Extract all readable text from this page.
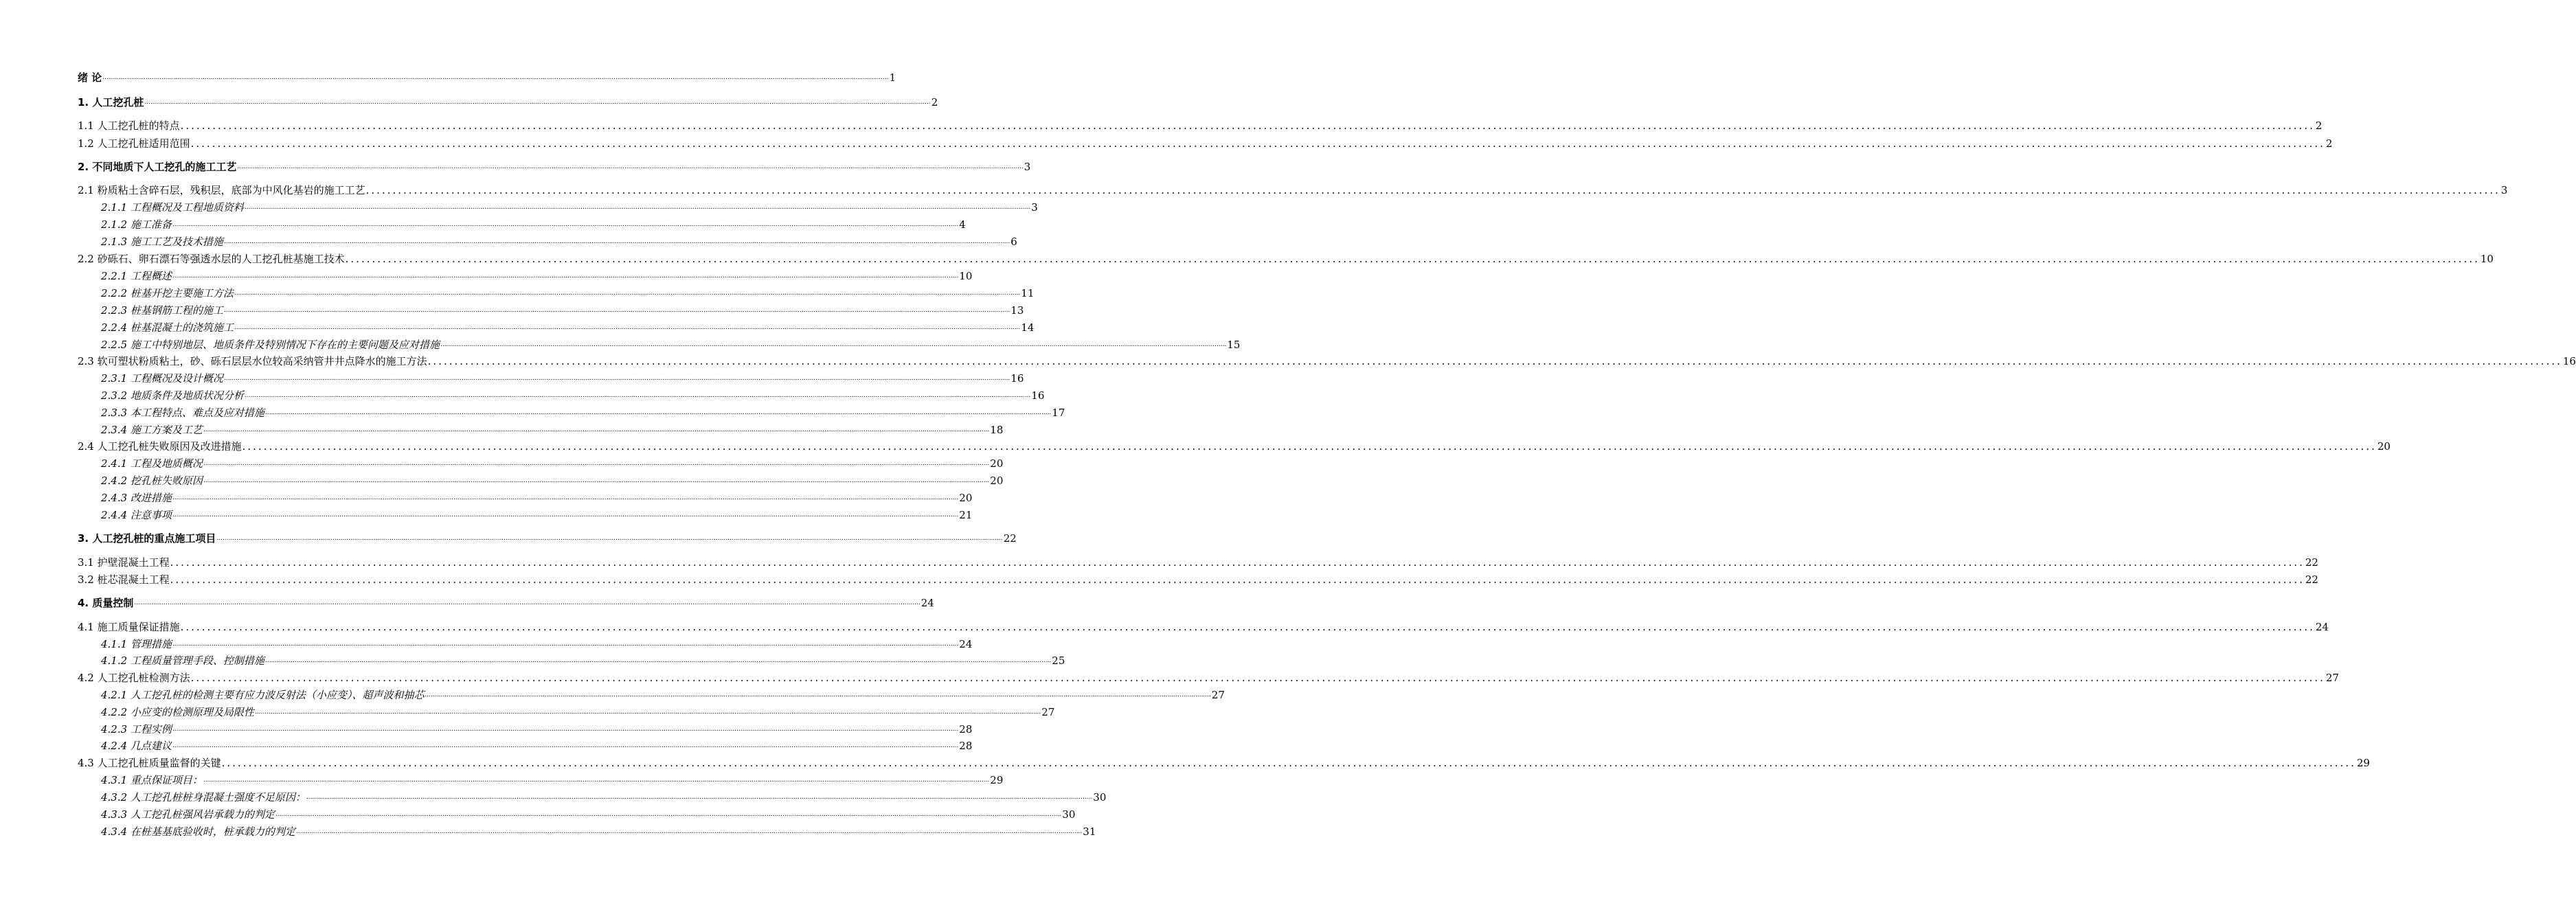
绪 论 ................................................................................................................................................................................................................................................................................................................................................................................................................ 1
1. 人工挖孔桩 ................................................................................................................................................................................................................................................................................................................................................................................................................ 2
1.1 人工挖孔桩的特点 ................................................................................................................................................................................................................................................................................................................................................................................................................ 2
1.2 人工挖孔桩适用范围 ................................................................................................................................................................................................................................................................................................................................................................................................................ 2
2. 不同地质下人工挖孔的施工工艺 ................................................................................................................................................................................................................................................................................................................................................................................................................ 3
2.1 粉质粘土含碎石层，残积层，底部为中风化基岩的施工工艺 ................................................................................................................................................................................................................................................................................................................................................................................................................ 3
2.1.1 工程概况及工程地质资料 ................................................................................................................................................................................................................................................................................................................................................................................................................ 3
2.1.2 施工准备 ................................................................................................................................................................................................................................................................................................................................................................................................................ 4
2.1.3 施工工艺及技术措施 ................................................................................................................................................................................................................................................................................................................................................................................................................ 6
2.2 砂砾石、卵石漂石等强透水层的人工挖孔桩基施工技术 ................................................................................................................................................................................................................................................................................................................................................................................................................ 10
2.2.1 工程概述 ................................................................................................................................................................................................................................................................................................................................................................................................................ 10
2.2.2 桩基开挖主要施工方法 ................................................................................................................................................................................................................................................................................................................................................................................................................ 11
2.2.3 桩基钢筋工程的施工 ................................................................................................................................................................................................................................................................................................................................................................................................................ 13
2.2.4 桩基混凝土的浇筑施工 ................................................................................................................................................................................................................................................................................................................................................................................................................ 14
2.2.5 施工中特别地层、地质条件及特别情况下存在的主要问题及应对措施 ................................................................................................................................................................................................................................................................................................................................................................................................................ 15
2.3 软可塑状粉质粘土，砂、砾石层层水位较高采纳管井井点降水的施工方法 ................................................................................................................................................................................................................................................................................................................................................................................................................ 16
2.3.1 工程概况及设计概况 ................................................................................................................................................................................................................................................................................................................................................................................................................ 16
2.3.2 地质条件及地质状况分析 ................................................................................................................................................................................................................................................................................................................................................................................................................ 16
2.3.3 本工程特点、难点及应对措施 ................................................................................................................................................................................................................................................................................................................................................................................................................ 17
2.3.4 施工方案及工艺 ................................................................................................................................................................................................................................................................................................................................................................................................................ 18
2.4 人工挖孔桩失败原因及改进措施 ................................................................................................................................................................................................................................................................................................................................................................................................................ 20
2.4.1 工程及地质概况 ................................................................................................................................................................................................................................................................................................................................................................................................................ 20
2.4.2 挖孔桩失败原因 ................................................................................................................................................................................................................................................................................................................................................................................................................ 20
2.4.3 改进措施 ................................................................................................................................................................................................................................................................................................................................................................................................................ 20
2.4.4 注意事项 ................................................................................................................................................................................................................................................................................................................................................................................................................ 21
3. 人工挖孔桩的重点施工项目 ................................................................................................................................................................................................................................................................................................................................................................................................................ 22
3.1 护壁混凝土工程 ................................................................................................................................................................................................................................................................................................................................................................................................................ 22
3.2 桩芯混凝土工程 ................................................................................................................................................................................................................................................................................................................................................................................................................ 22
4. 质量控制 ................................................................................................................................................................................................................................................................................................................................................................................................................ 24
4.1 施工质量保证措施 ................................................................................................................................................................................................................................................................................................................................................................................................................ 24
4.1.1 管理措施 ................................................................................................................................................................................................................................................................................................................................................................................................................ 24
4.1.2 工程质量管理手段、控制措施 ................................................................................................................................................................................................................................................................................................................................................................................................................ 25
4.2 人工挖孔桩检测方法 ................................................................................................................................................................................................................................................................................................................................................................................................................ 27
4.2.1 人工挖孔桩的检测主要有应力波反射法（小应变）、超声波和抽芯 ................................................................................................................................................................................................................................................................................................................................................................................................................ 27
4.2.2 小应变的检测原理及局限性 ................................................................................................................................................................................................................................................................................................................................................................................................................ 27
4.2.3 工程实例 ................................................................................................................................................................................................................................................................................................................................................................................................................ 28
4.2.4 几点建议 ................................................................................................................................................................................................................................................................................................................................................................................................................ 28
4.3 人工挖孔桩质量监督的关键 ................................................................................................................................................................................................................................................................................................................................................................................................................ 29
4.3.1 重点保证项目： ................................................................................................................................................................................................................................................................................................................................................................................................................ 29
4.3.2 人工挖孔桩桩身混凝土强度不足原因： ................................................................................................................................................................................................................................................................................................................................................................................................................ 30
4.3.3 人工挖孔桩强风岩承载力的判定 ................................................................................................................................................................................................................................................................................................................................................................................................................ 30
4.3.4 在桩基基底验收时，桩承载力的判定 ................................................................................................................................................................................................................................................................................................................................................................................................................ 31
